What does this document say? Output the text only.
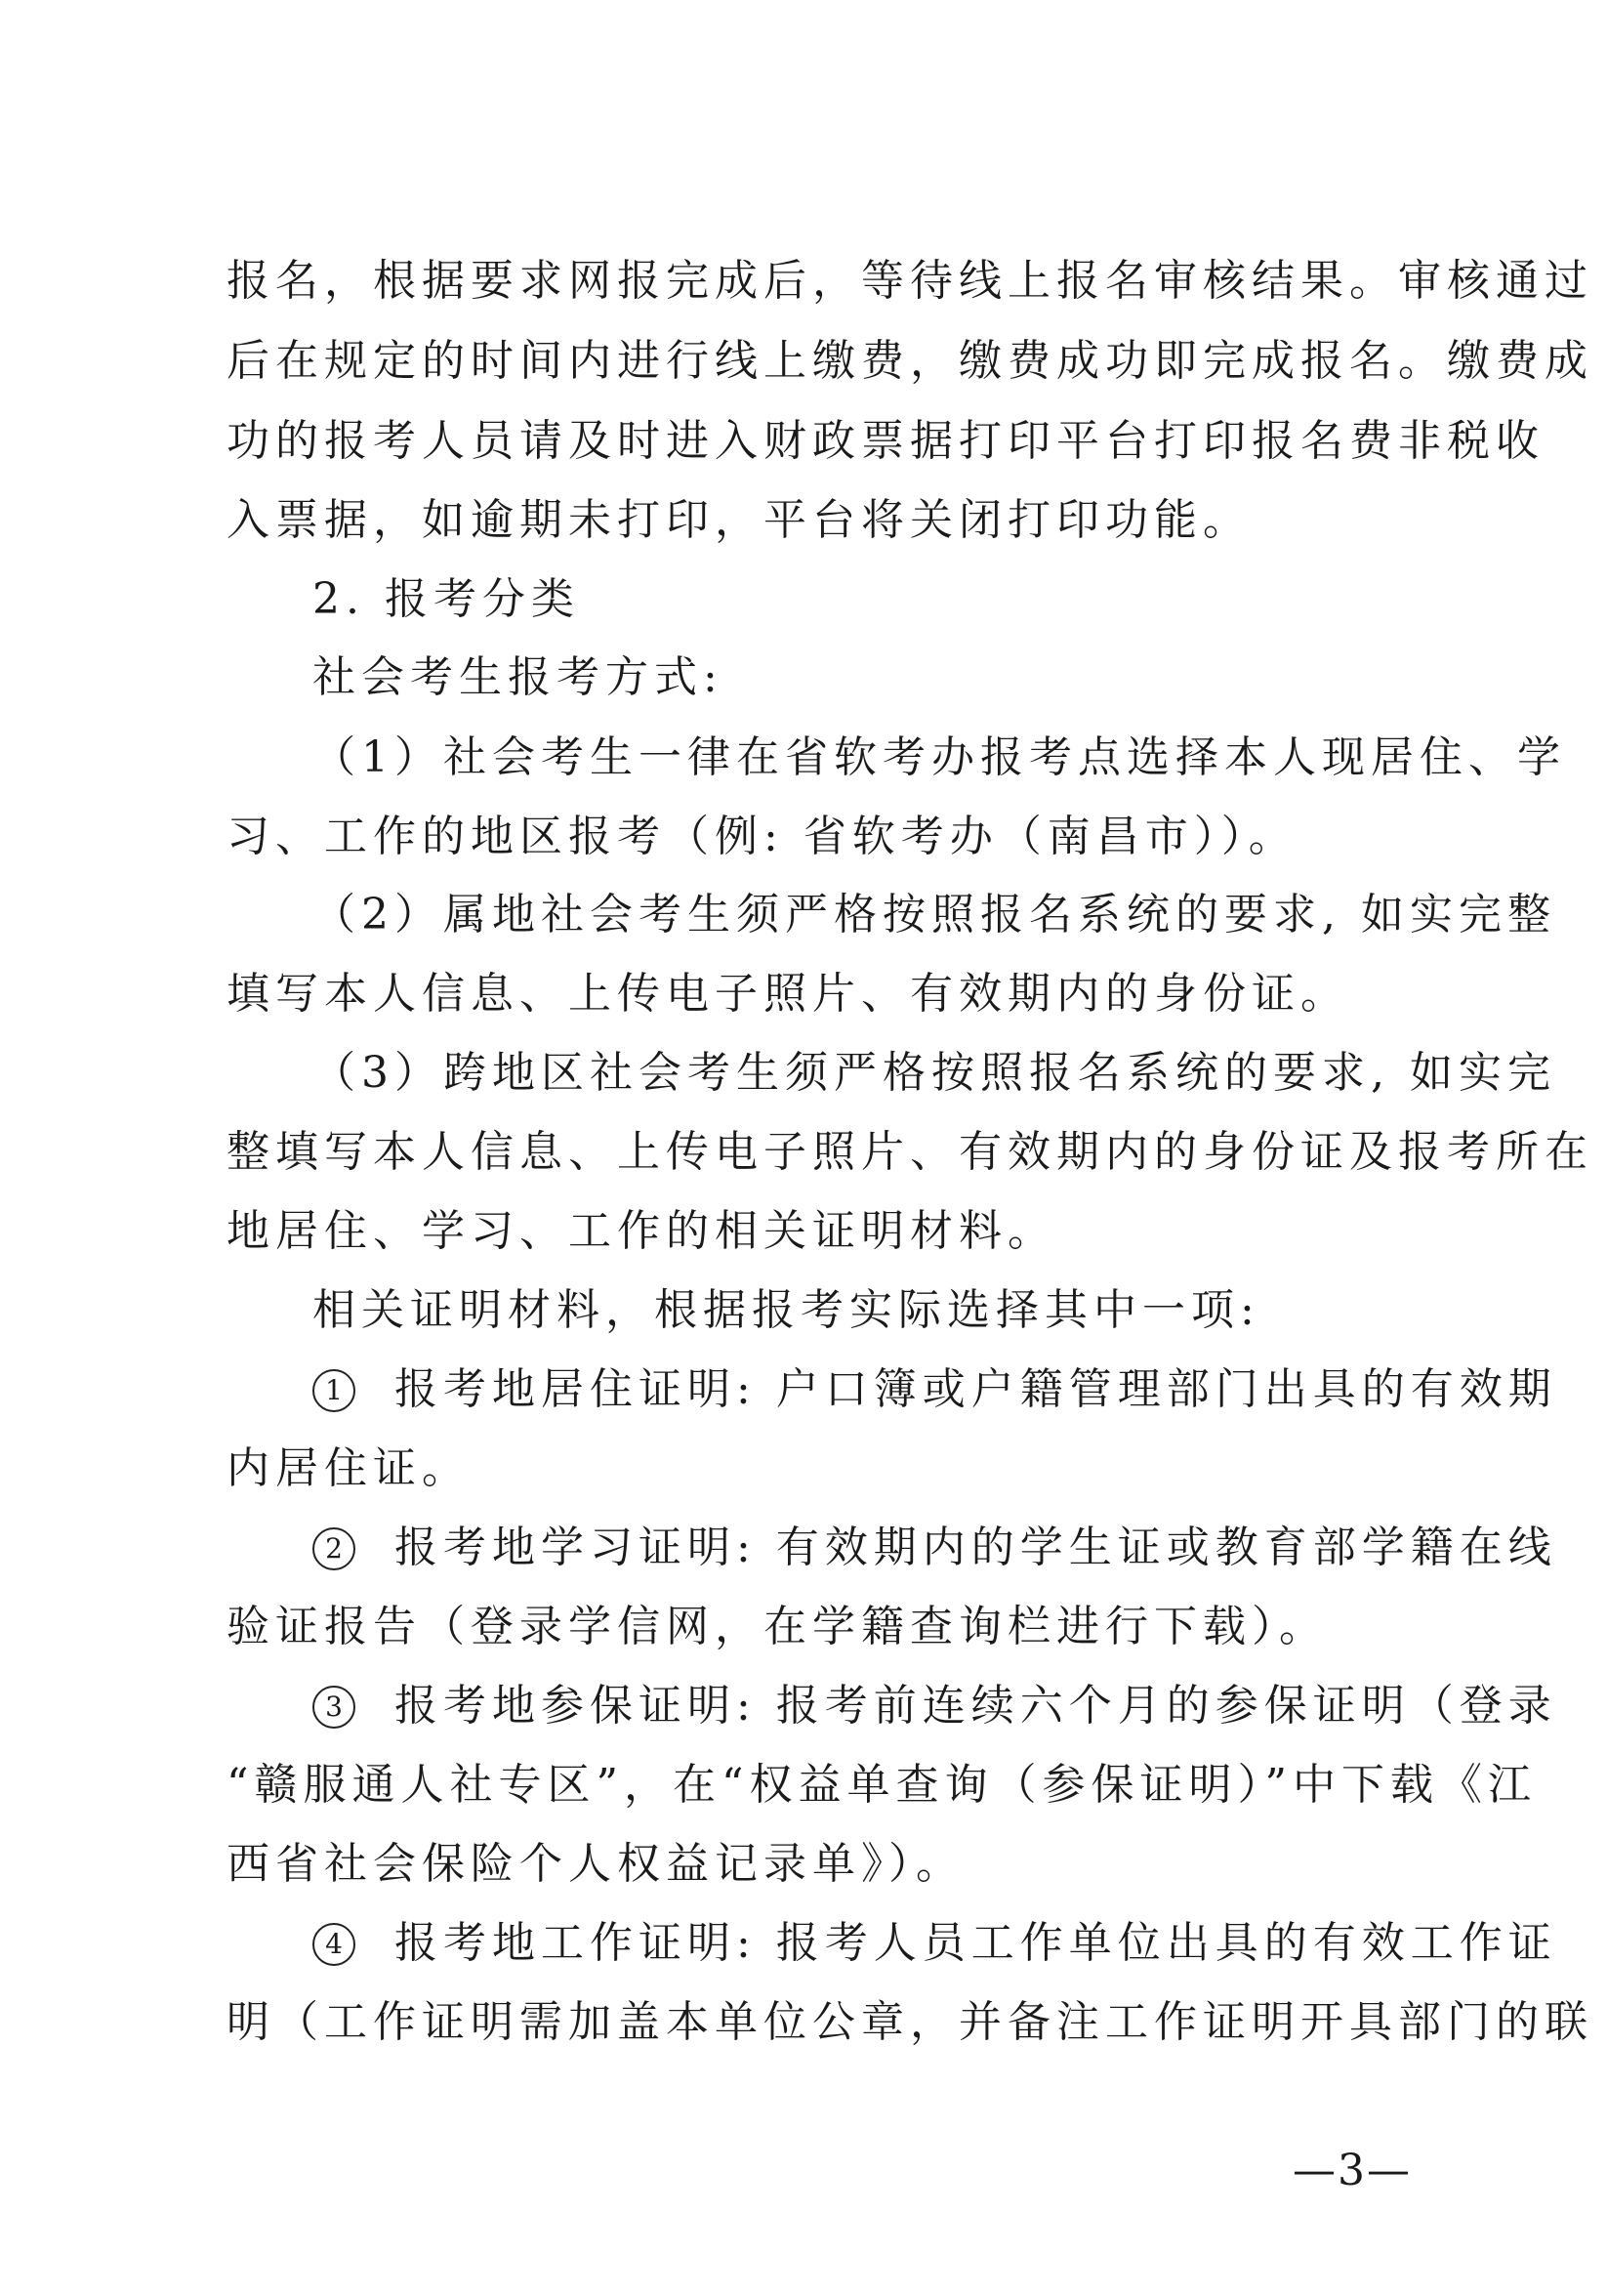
报名，根据要求网报完成后，等待线上报名审核结果。审核通过
后在规定的时间内进行线上缴费，缴费成功即完成报名。缴费成
功的报考人员请及时进入财政票据打印平台打印报名费非税收
入票据，如逾期未打印，平台将关闭打印功能。
2. 报考分类
社会考生报考方式:
（1）社会考生一律在省软考办报考点选择本人现居住、学
习、工作的地区报考（例: 省软考办（南昌市））。
（2）属地社会考生须严格按照报名系统的要求, 如实完整
填写本人信息、上传电子照片、有效期内的身份证。
（3）跨地区社会考生须严格按照报名系统的要求, 如实完
整填写本人信息、上传电子照片、有效期内的身份证及报考所在
地居住、学习、工作的相关证明材料。
相关证明材料，根据报考实际选择其中一项:
1 报考地居住证明: 户口簿或户籍管理部门出具的有效期
内居住证。
2 报考地学习证明: 有效期内的学生证或教育部学籍在线
验证报告（登录学信网，在学籍查询栏进行下载）。
3 报考地参保证明: 报考前连续六个月的参保证明（登录
“赣服通人社专区”，在“权益单查询（参保证明）”中下载《江
西省社会保险个人权益记录单》）。
4 报考地工作证明: 报考人员工作单位出具的有效工作证
明（工作证明需加盖本单位公章，并备注工作证明开具部门的联
—3—
